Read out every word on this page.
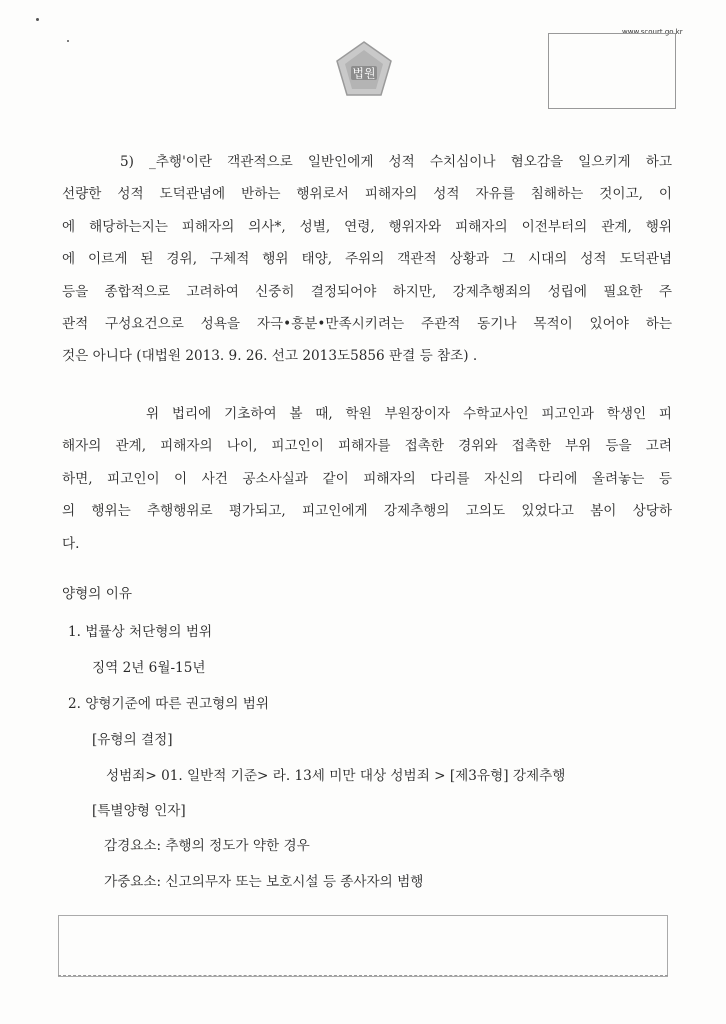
www.scourt.go.kr
법원

5) _추행'이란 객관적으로 일반인에게 성적 수치심이나 혐오감을 일으키게 하고

선량한 성적 도덕관념에 반하는 행위로서 피해자의 성적 자유를 침해하는 것이고, 이

에 해당하는지는 피해자의 의사*, 성별, 연령, 행위자와 피해자의 이전부터의 관계, 행위

에 이르게 된 경위, 구체적 행위 태양, 주위의 객관적 상황과 그 시대의 성적 도덕관념

등을 종합적으로 고려하여 신중히 결정되어야 하지만, 강제추행죄의 성립에 필요한 주

관적 구성요건으로 성욕을 자극•흥분•만족시키려는 주관적 동기나 목적이 있어야 하는

것은 아니다 (대법원 2013. 9. 26. 선고 2013도5856 판결 등 참조) .

위 법리에 기초하여 볼 때, 학원 부원장이자 수학교사인 피고인과 학생인 피

해자의 관계, 피해자의 나이, 피고인이 피해자를 접촉한 경위와 접촉한 부위 등을 고려

하면, 피고인이 이 사건 공소사실과 같이 피해자의 다리를 자신의 다리에 올려놓는 등

의 행위는 추행행위로 평가되고, 피고인에게 강제추행의 고의도 있었다고 봄이 상당하

다.

양형의 이유
1. 법률상 처단형의 범위
징역 2년 6월-15년
2. 양형기준에 따른 권고형의 범위
[유형의 결정]
성범죄> 01. 일반적 기준> 라. 13세 미만 대상 성범죄 > [제3유형] 강제추행
[특별양형 인자]
감경요소: 추행의 정도가 약한 경우
가중요소: 신고의무자 또는 보호시설 등 종사자의 범행
